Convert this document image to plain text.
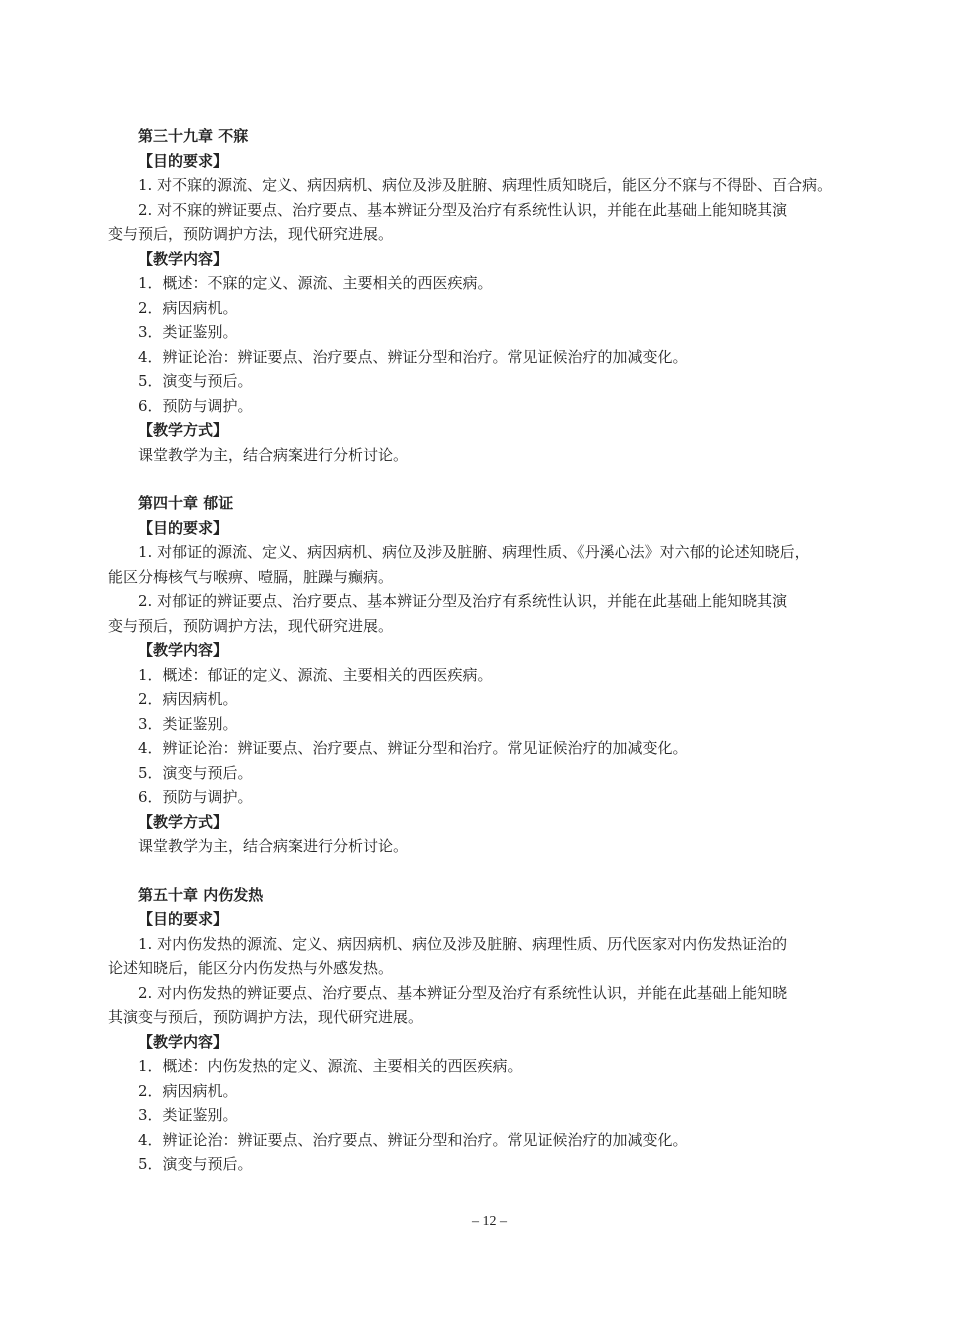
第三十九章 不寐
【目的要求】
1. 对不寐的源流、定义、病因病机、病位及涉及脏腑、病理性质知晓后，能区分不寐与不得卧、百合病。
2. 对不寐的辨证要点、治疗要点、基本辨证分型及治疗有系统性认识，并能在此基础上能知晓其演
变与预后，预防调护方法，现代研究进展。
【教学内容】
1．概述：不寐的定义、源流、主要相关的西医疾病。
2．病因病机。
3．类证鉴别。
4．辨证论治：辨证要点、治疗要点、辨证分型和治疗。常见证候治疗的加减变化。
5．演变与预后。
6．预防与调护。
【教学方式】
课堂教学为主，结合病案进行分析讨论。
第四十章 郁证
【目的要求】
1. 对郁证的源流、定义、病因病机、病位及涉及脏腑、病理性质、《丹溪心法》对六郁的论述知晓后，
能区分梅核气与喉痹、噎膈，脏躁与癫病。
2. 对郁证的辨证要点、治疗要点、基本辨证分型及治疗有系统性认识，并能在此基础上能知晓其演
变与预后，预防调护方法，现代研究进展。
【教学内容】
1．概述：郁证的定义、源流、主要相关的西医疾病。
2．病因病机。
3．类证鉴别。
4．辨证论治：辨证要点、治疗要点、辨证分型和治疗。常见证候治疗的加减变化。
5．演变与预后。
6．预防与调护。
【教学方式】
课堂教学为主，结合病案进行分析讨论。
第五十章 内伤发热
【目的要求】
1. 对内伤发热的源流、定义、病因病机、病位及涉及脏腑、病理性质、历代医家对内伤发热证治的
论述知晓后，能区分内伤发热与外感发热。
2. 对内伤发热的辨证要点、治疗要点、基本辨证分型及治疗有系统性认识，并能在此基础上能知晓
其演变与预后，预防调护方法，现代研究进展。
【教学内容】
1．概述：内伤发热的定义、源流、主要相关的西医疾病。
2．病因病机。
3．类证鉴别。
4．辨证论治：辨证要点、治疗要点、辨证分型和治疗。常见证候治疗的加减变化。
5．演变与预后。
– 12 –
